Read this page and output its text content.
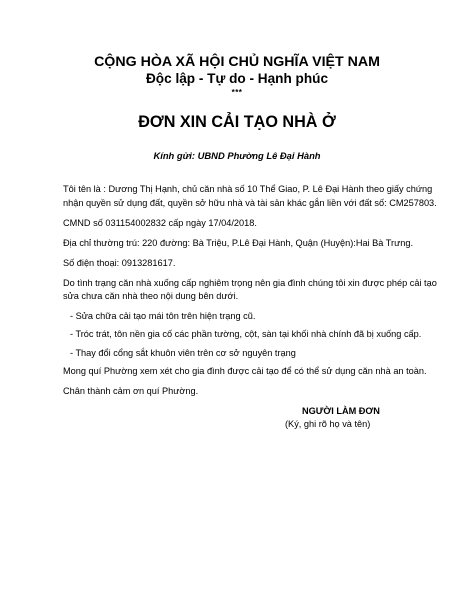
CỘNG HÒA XÃ HỘI CHỦ NGHĨA VIỆT NAM
Độc lập - Tự do - Hạnh phúc
***
ĐƠN XIN CẢI TẠO NHÀ Ở
Kính gửi: UBND Phường Lê Đại Hành
Tôi tên là : Dương Thị Hạnh, chủ căn nhà số 10 Thể Giao, P. Lê Đại Hành theo giấy chứng
nhận quyền sử dụng đất, quyền sở hữu nhà và tài sản khác gắn liền với đất số: CM257803.
CMND số 031154002832 cấp ngày 17/04/2018.
Địa chỉ thường trú: 220 đường: Bà Triệu, P.Lê Đại Hành, Quận (Huyện):Hai Bà Trưng.
Số điện thoại: 0913281617.
Do tình trạng căn nhà xuống cấp nghiêm trọng nên gia đình chúng tôi xin được phép cải tạo
sửa chưa căn nhà theo nội dung bên dưới.
- Sửa chữa cải tạo mái tôn trên hiện trạng cũ.
- Tróc trát, tôn nền gia cố các phần tường, cột, sàn tại khối nhà chính đã bị xuống cấp.
- Thay đổi cổng sắt khuôn viên trên cơ sở nguyên trạng
Mong quí Phường xem xét cho gia đình được cải tạo để có thể sử dụng căn nhà an toàn.
Chân thành cảm ơn quí Phường.
NGƯỜI LÀM ĐƠN
(Ký, ghi rõ họ và tên)
